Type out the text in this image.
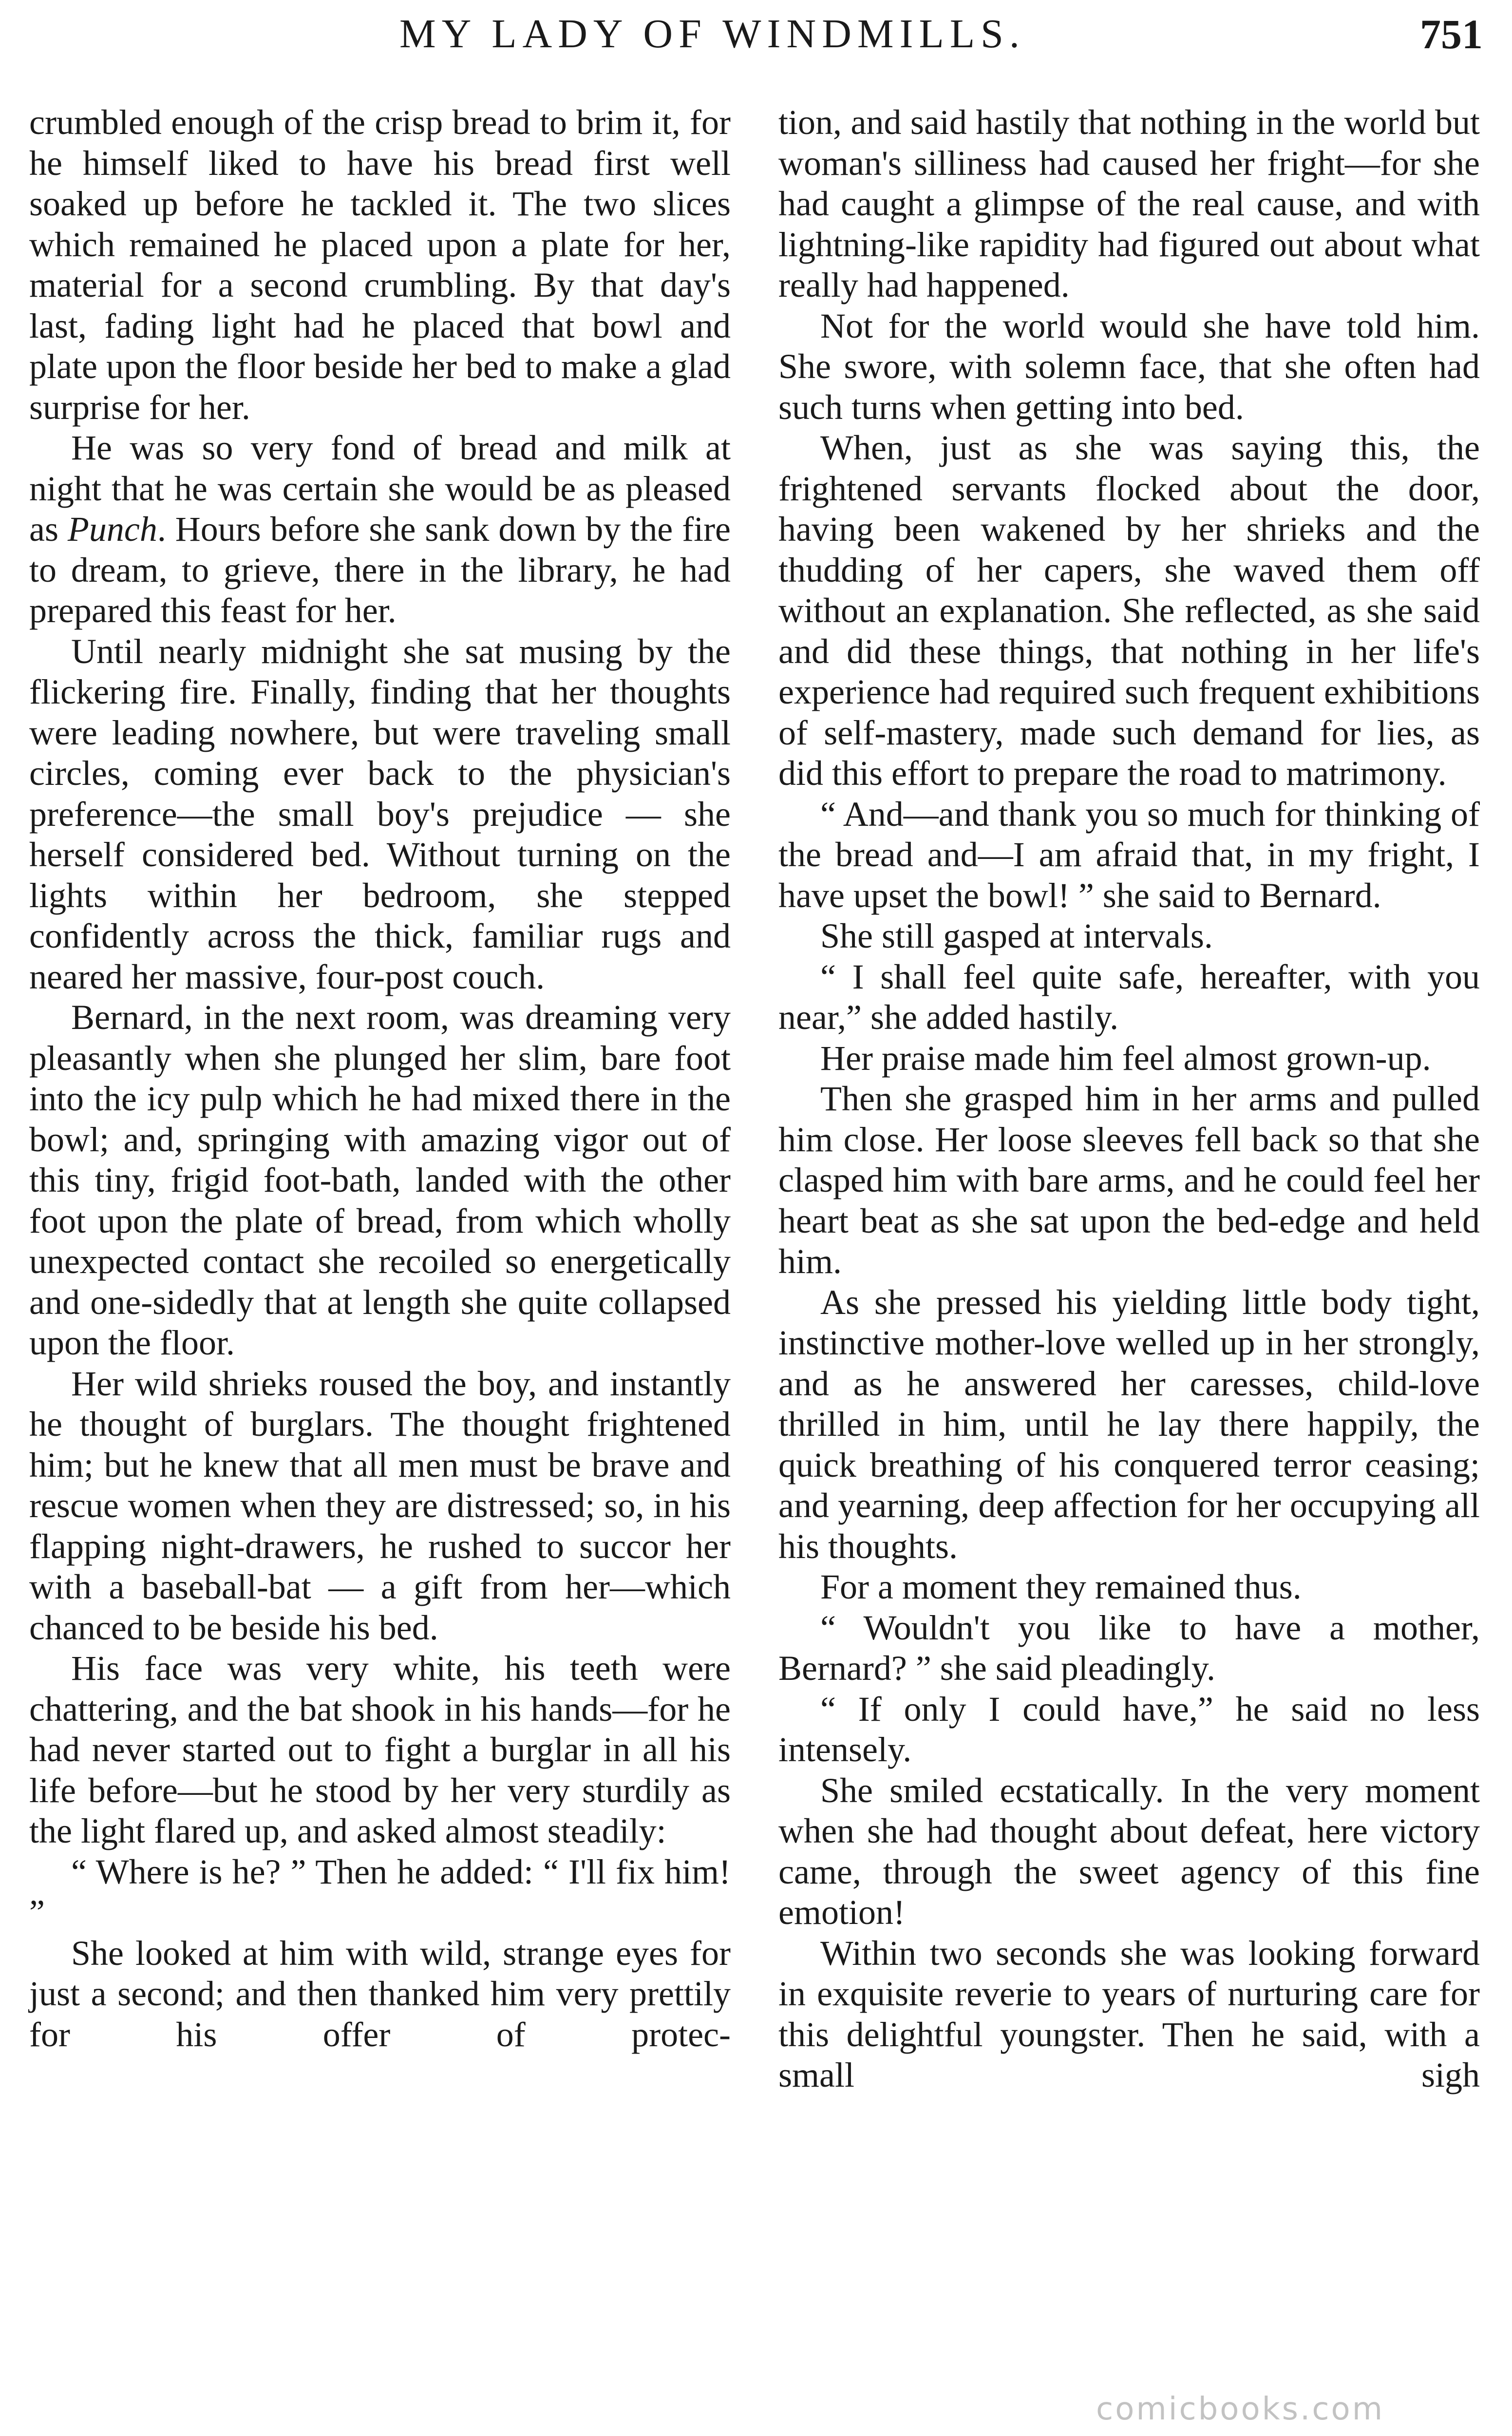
MY LADY OF WINDMILLS.	751

crumbled enough of the crisp bread to brim it, for he himself liked to have his bread first well soaked up before he tackled it. The two slices which remained he placed upon a plate for her, material for a second crumbling. By that day's last, fading light had he placed that bowl and plate upon the floor beside her bed to make a glad surprise for her.

He was so very fond of bread and milk at night that he was certain she would be as pleased as Punch. Hours before she sank down by the fire to dream, to grieve, there in the library, he had prepared this feast for her.

Until nearly midnight she sat musing by the flickering fire. Finally, finding that her thoughts were leading nowhere, but were traveling small circles, coming ever back to the physician's preference—the small boy's prejudice — she herself considered bed. Without turning on the lights within her bedroom, she stepped confidently across the thick, familiar rugs and neared her massive, four-post couch.

Bernard, in the next room, was dreaming very pleasantly when she plunged her slim, bare foot into the icy pulp which he had mixed there in the bowl; and, springing with amazing vigor out of this tiny, frigid foot-bath, landed with the other foot upon the plate of bread, from which wholly unexpected contact she recoiled so energetically and one-sidedly that at length she quite collapsed upon the floor.

Her wild shrieks roused the boy, and instantly he thought of burglars. The thought frightened him; but he knew that all men must be brave and rescue women when they are distressed; so, in his flapping night-drawers, he rushed to succor her with a baseball-bat — a gift from her—which chanced to be beside his bed.

His face was very white, his teeth were chattering, and the bat shook in his hands—for he had never started out to fight a burglar in all his life before—but he stood by her very sturdily as the light flared up, and asked almost steadily:

“ Where is he? ” Then he added: “ I'll fix him! ”

She looked at him with wild, strange eyes for just a second; and then thanked him very prettily for his offer of protec-

tion, and said hastily that nothing in the world but woman's silliness had caused her fright—for she had caught a glimpse of the real cause, and with lightning-like rapidity had figured out about what really had happened.

Not for the world would she have told him. She swore, with solemn face, that she often had such turns when getting into bed.

When, just as she was saying this, the frightened servants flocked about the door, having been wakened by her shrieks and the thudding of her capers, she waved them off without an explanation. She reflected, as she said and did these things, that nothing in her life's experience had required such frequent exhibitions of self-mastery, made such demand for lies, as did this effort to prepare the road to matrimony.

“ And—and thank you so much for thinking of the bread and—I am afraid that, in my fright, I have upset the bowl! ” she said to Bernard.

She still gasped at intervals.

“ I shall feel quite safe, hereafter, with you near,” she added hastily.

Her praise made him feel almost grown-up.

Then she grasped him in her arms and pulled him close. Her loose sleeves fell back so that she clasped him with bare arms, and he could feel her heart beat as she sat upon the bed-edge and held him.

As she pressed his yielding little body tight, instinctive mother-love welled up in her strongly, and as he answered her caresses, child-love thrilled in him, until he lay there happily, the quick breathing of his conquered terror ceasing; and yearning, deep affection for her occupying all his thoughts.

For a moment they remained thus.

“ Wouldn't you like to have a mother, Bernard? ” she said pleadingly.

“ If only I could have,” he said no less intensely.

She smiled ecstatically. In the very moment when she had thought about defeat, here victory came, through the sweet agency of this fine emotion!

Within two seconds she was looking forward in exquisite reverie to years of nurturing care for this delightful youngster. Then he said, with a small sigh

comicbooks.com
